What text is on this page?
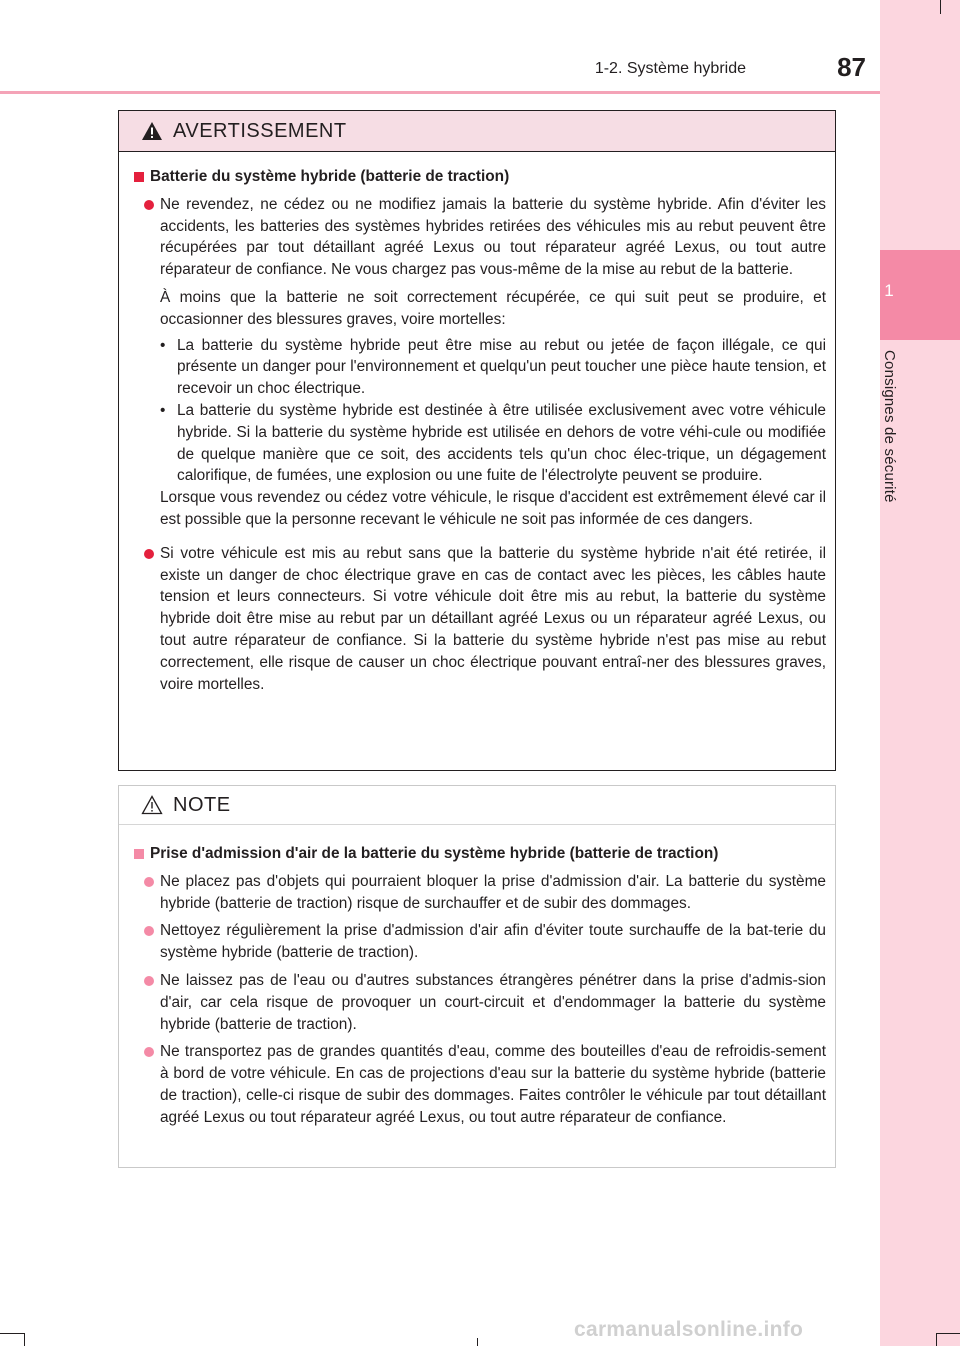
1
Consignes de sécurité
1-2. Système hybride	87
AVERTISSEMENT
Batterie du système hybride (batterie de traction)

Ne revendez, ne cédez ou ne modifiez jamais la batterie du système hybride. Afin d'éviter les accidents, les batteries des systèmes hybrides retirées des véhicules mis au rebut peuvent être récupérées par tout détaillant agréé Lexus ou tout réparateur agréé Lexus, ou tout autre réparateur de confiance. Ne vous chargez pas vous-même de la mise au rebut de la batterie.

À moins que la batterie ne soit correctement récupérée, ce qui suit peut se produire, et occasionner des blessures graves, voire mortelles:

• La batterie du système hybride peut être mise au rebut ou jetée de façon illégale, ce qui présente un danger pour l'environnement et quelqu'un peut toucher une pièce haute tension, et recevoir un choc électrique.
• La batterie du système hybride est destinée à être utilisée exclusivement avec votre véhicule hybride. Si la batterie du système hybride est utilisée en dehors de votre véhi-cule ou modifiée de quelque manière que ce soit, des accidents tels qu'un choc élec-trique, un dégagement calorifique, de fumées, une explosion ou une fuite de l'électrolyte peuvent se produire.

Lorsque vous revendez ou cédez votre véhicule, le risque d'accident est extrêmement élevé car il est possible que la personne recevant le véhicule ne soit pas informée de ces dangers.

Si votre véhicule est mis au rebut sans que la batterie du système hybride n'ait été retirée, il existe un danger de choc électrique grave en cas de contact avec les pièces, les câbles haute tension et leurs connecteurs. Si votre véhicule doit être mis au rebut, la batterie du système hybride doit être mise au rebut par un détaillant agréé Lexus ou un réparateur agréé Lexus, ou tout autre réparateur de confiance. Si la batterie du système hybride n'est pas mise au rebut correctement, elle risque de causer un choc électrique pouvant entraî-ner des blessures graves, voire mortelles.
NOTE
Prise d'admission d'air de la batterie du système hybride (batterie de traction)
Ne placez pas d'objets qui pourraient bloquer la prise d'admission d'air. La batterie du système hybride (batterie de traction) risque de surchauffer et de subir des dommages.
Nettoyez régulièrement la prise d'admission d'air afin d'éviter toute surchauffe de la bat-terie du système hybride (batterie de traction).
Ne laissez pas de l'eau ou d'autres substances étrangères pénétrer dans la prise d'admis-sion d'air, car cela risque de provoquer un court-circuit et d'endommager la batterie du système hybride (batterie de traction).
Ne transportez pas de grandes quantités d'eau, comme des bouteilles d'eau de refroidis-sement à bord de votre véhicule. En cas de projections d'eau sur la batterie du système hybride (batterie de traction), celle-ci risque de subir des dommages. Faites contrôler le véhicule par tout détaillant agréé Lexus ou tout réparateur agréé Lexus, ou tout autre réparateur de confiance.
carmanualsonline.info
